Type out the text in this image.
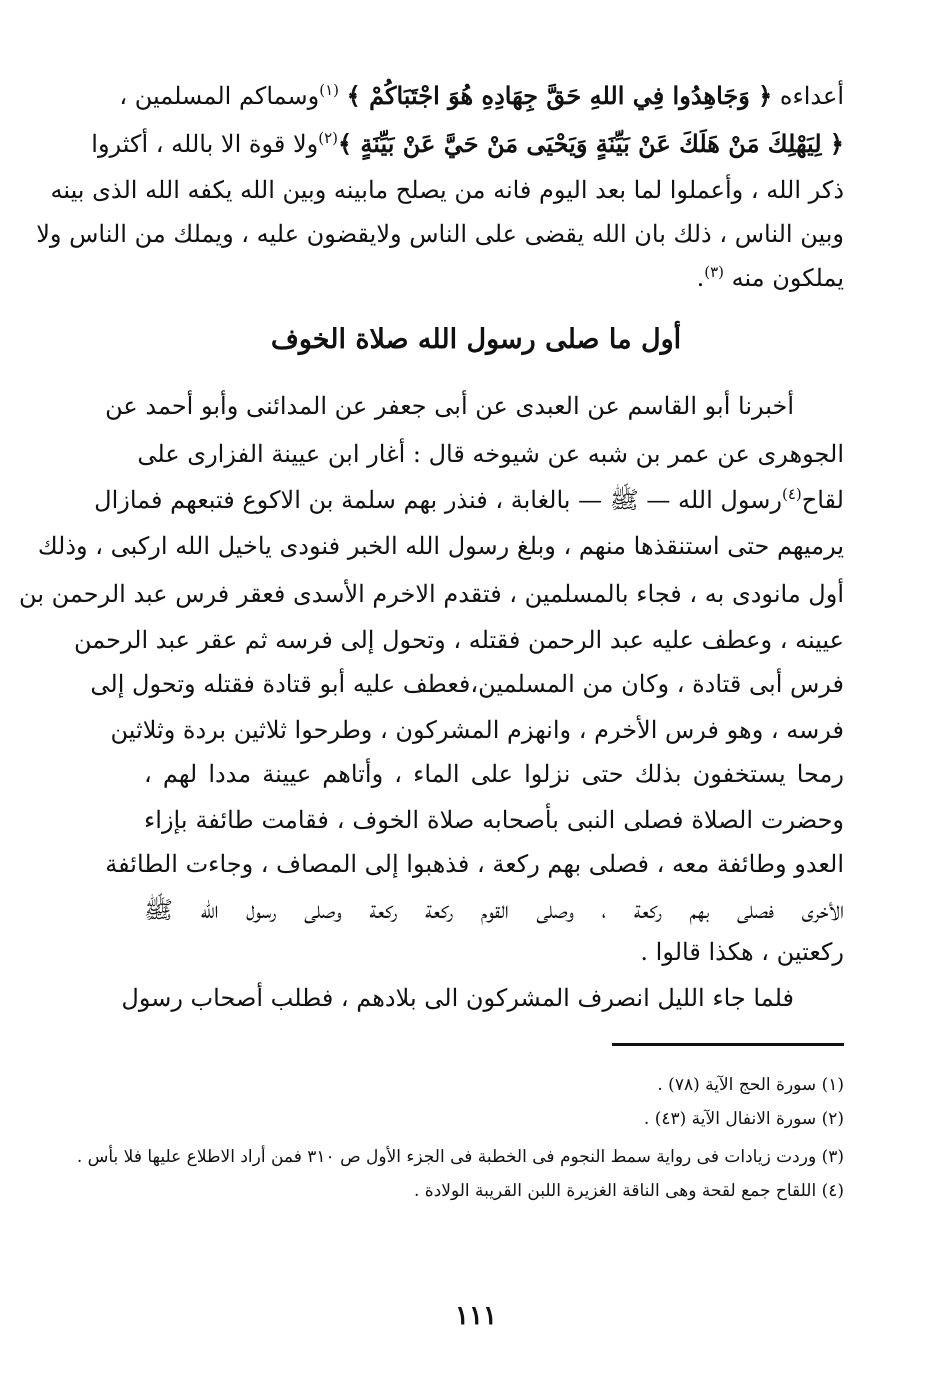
أعداءه ﴿ وَجَاهِدُوا فِي اللهِ حَقَّ جِهَادِهِ هُوَ اجْتَبَاكُمْ ﴾ $^{(١)}$وسماكم المسلمين ،
﴿ لِيَهْلِكَ مَنْ هَلَكَ عَنْ بَيِّنَةٍ وَيَحْيَى مَنْ حَيَّ عَنْ بَيِّنَةٍ ﴾$^{(٢)}$ولا قوة الا بالله ، أكثروا
ذكر الله ، وأعملوا لما بعد اليوم فانه من يصلح مابينه وبين الله يكفه الله الذى بينه
وبين الناس ، ذلك بان الله يقضى على الناس ولايقضون عليه ، ويملك من الناس ولا
يملكون منه $^{(٣)}$.
أول ما صلى رسول الله صلاة الخوف
أخبرنا أبو القاسم عن العبدى عن أبى جعفر عن المدائنى وأبو أحمد عن
الجوهرى عن عمر بن شبه عن شيوخه قال : أغار ابن عيينة الفزارى على
لقاح$^{(٤)}$رسول الله — ﷺ — بالغابة ، فنذر بهم سلمة بن الاكوع فتبعهم فمازال
يرميهم حتى استنقذها منهم ، وبلغ رسول الله الخبر فنودى ياخيل الله اركبى ، وذلك
أول مانودى به ، فجاء بالمسلمين ، فتقدم الاخرم الأسدى فعقر فرس عبد الرحمن بن
عيينه ، وعطف عليه عبد الرحمن فقتله ، وتحول إلى فرسه ثم عقر عبد الرحمن
فرس أبى قتادة ، وكان من المسلمين،فعطف عليه أبو قتادة فقتله وتحول إلى
فرسه ، وهو فرس الأخرم ، وانهزم المشركون ، وطرحوا ثلاثين بردة وثلاثين
رمحا يستخفون بذلك حتى نزلوا على الماء ، وأتاهم عيينة مددا لهم ،
وحضرت الصلاة فصلى النبى بأصحابه صلاة الخوف ، فقامت طائفة بإزاء
العدو وطائفة معه ، فصلى بهم ركعة ، فذهبوا إلى المصاف ، وجاءت الطائفة
الأخرى فصلى بهم ركعة ، وصلى القوم ركعة ركعة وصلى رسول الله ﷺ
ركعتين ، هكذا قالوا .
فلما جاء الليل انصرف المشركون الى بلادهم ، فطلب أصحاب رسول
(١) سورة الحج الآية (٧٨) .
(٢) سورة الانفال الآية (٤٣) .
(٣) وردت زيادات فى رواية سمط النجوم فى الخطبة فى الجزء الأول ص ٣١٠ فمن أراد الاطلاع عليها فلا بأس .
(٤) اللقاح جمع لقحة وهى الناقة الغزيرة اللبن القريبة الولادة .
١١١
